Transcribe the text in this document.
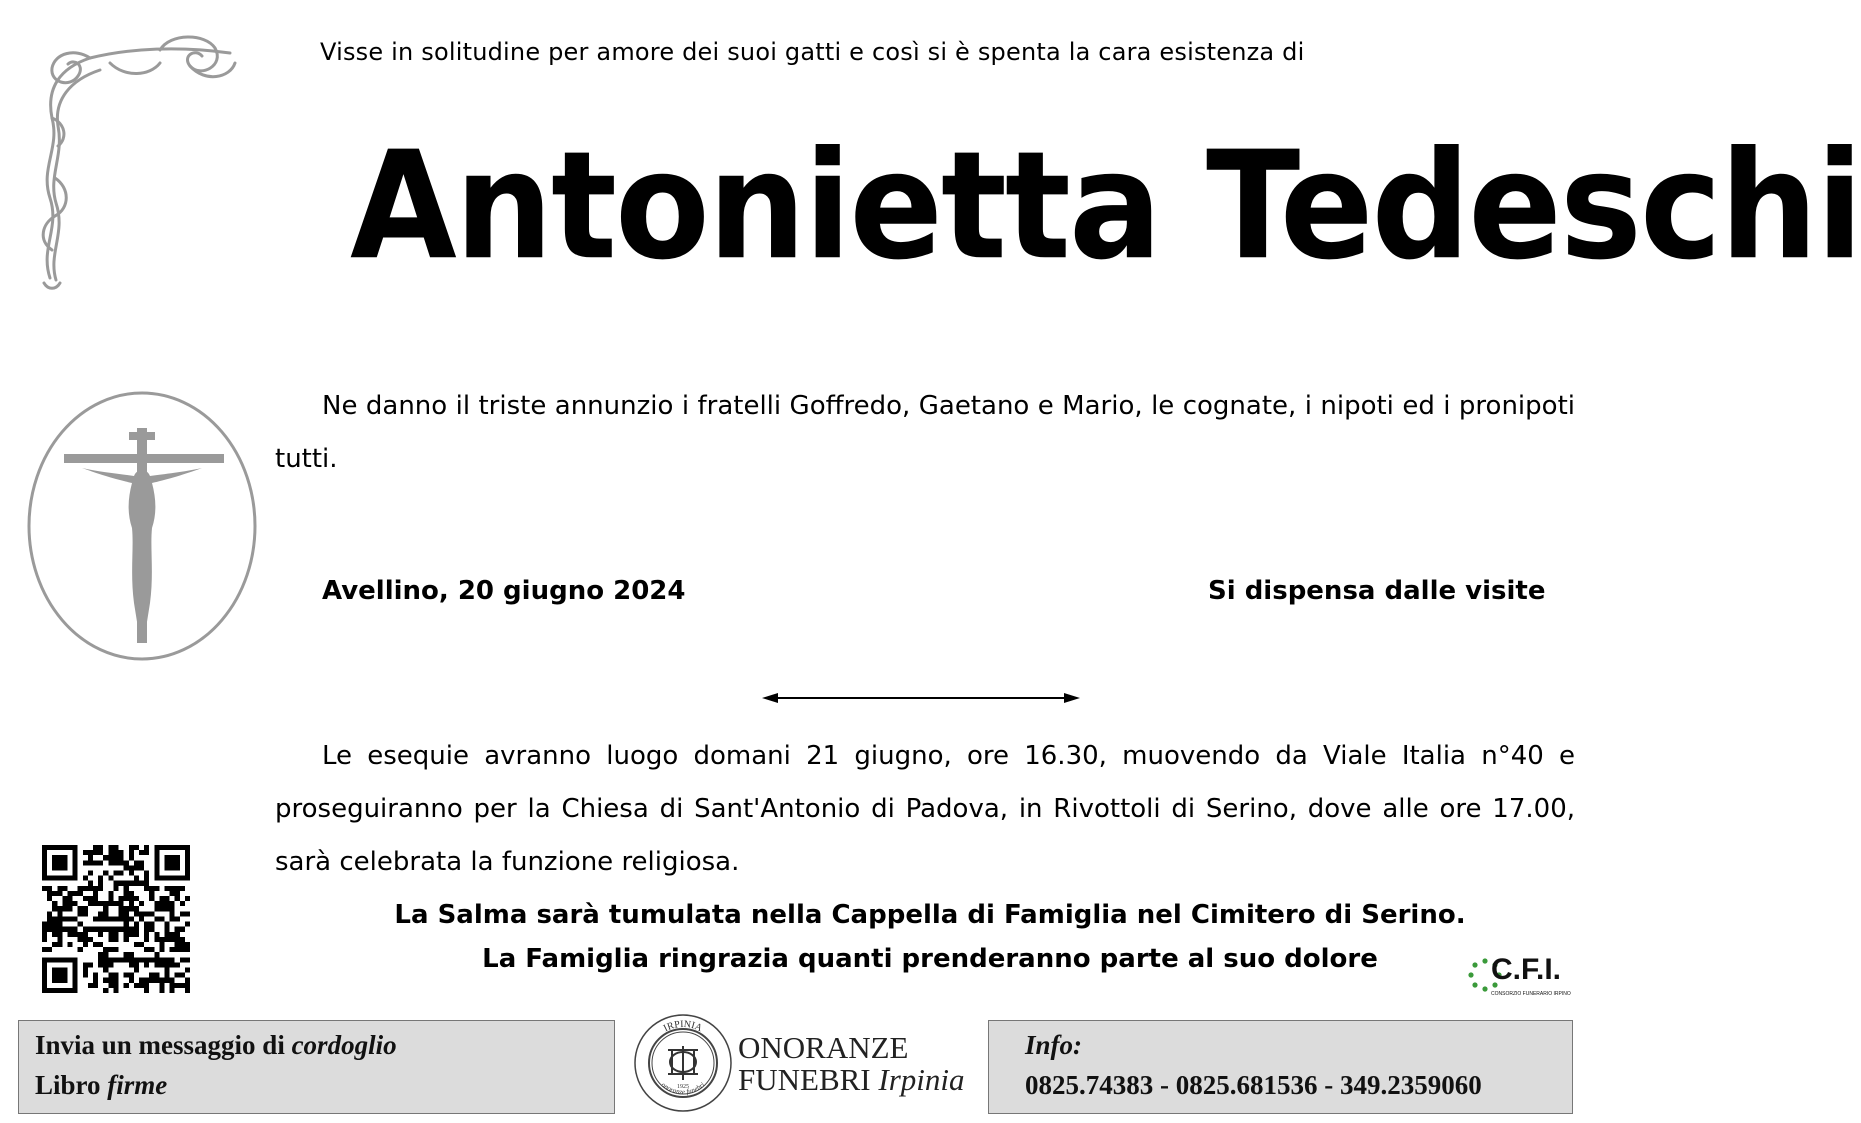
Visse in solitudine per amore dei suoi gatti e così si è spenta la cara esistenza di
Antonietta Tedeschi
Ne danno il triste annunzio i fratelli Goffredo, Gaetano e Mario, le cognate, i nipoti ed i pronipoti tutti.
Avellino, 20 giugno 2024	Si dispensa dalle visite
Le esequie avranno luogo domani 21 giugno, ore 16.30, muovendo da Viale Italia n°40 e proseguiranno per la Chiesa di Sant'Antonio di Padova, in Rivottoli di Serino, dove alle ore 17.00, sarà celebrata la funzione religiosa.
La Salma sarà tumulata nella Cappella di Famiglia nel Cimitero di Serino.
La Famiglia ringrazia quanti prenderanno parte al suo dolore	C.F.I.
CONSORZIO FUNERARIO IRPINO
Invia un messaggio di cordoglio
Libro firme
IRPINIA
onoranze funebri
1925
ONORANZE
FUNEBRI Irpinia
Info:
0825.74383 - 0825.681536 - 349.2359060
